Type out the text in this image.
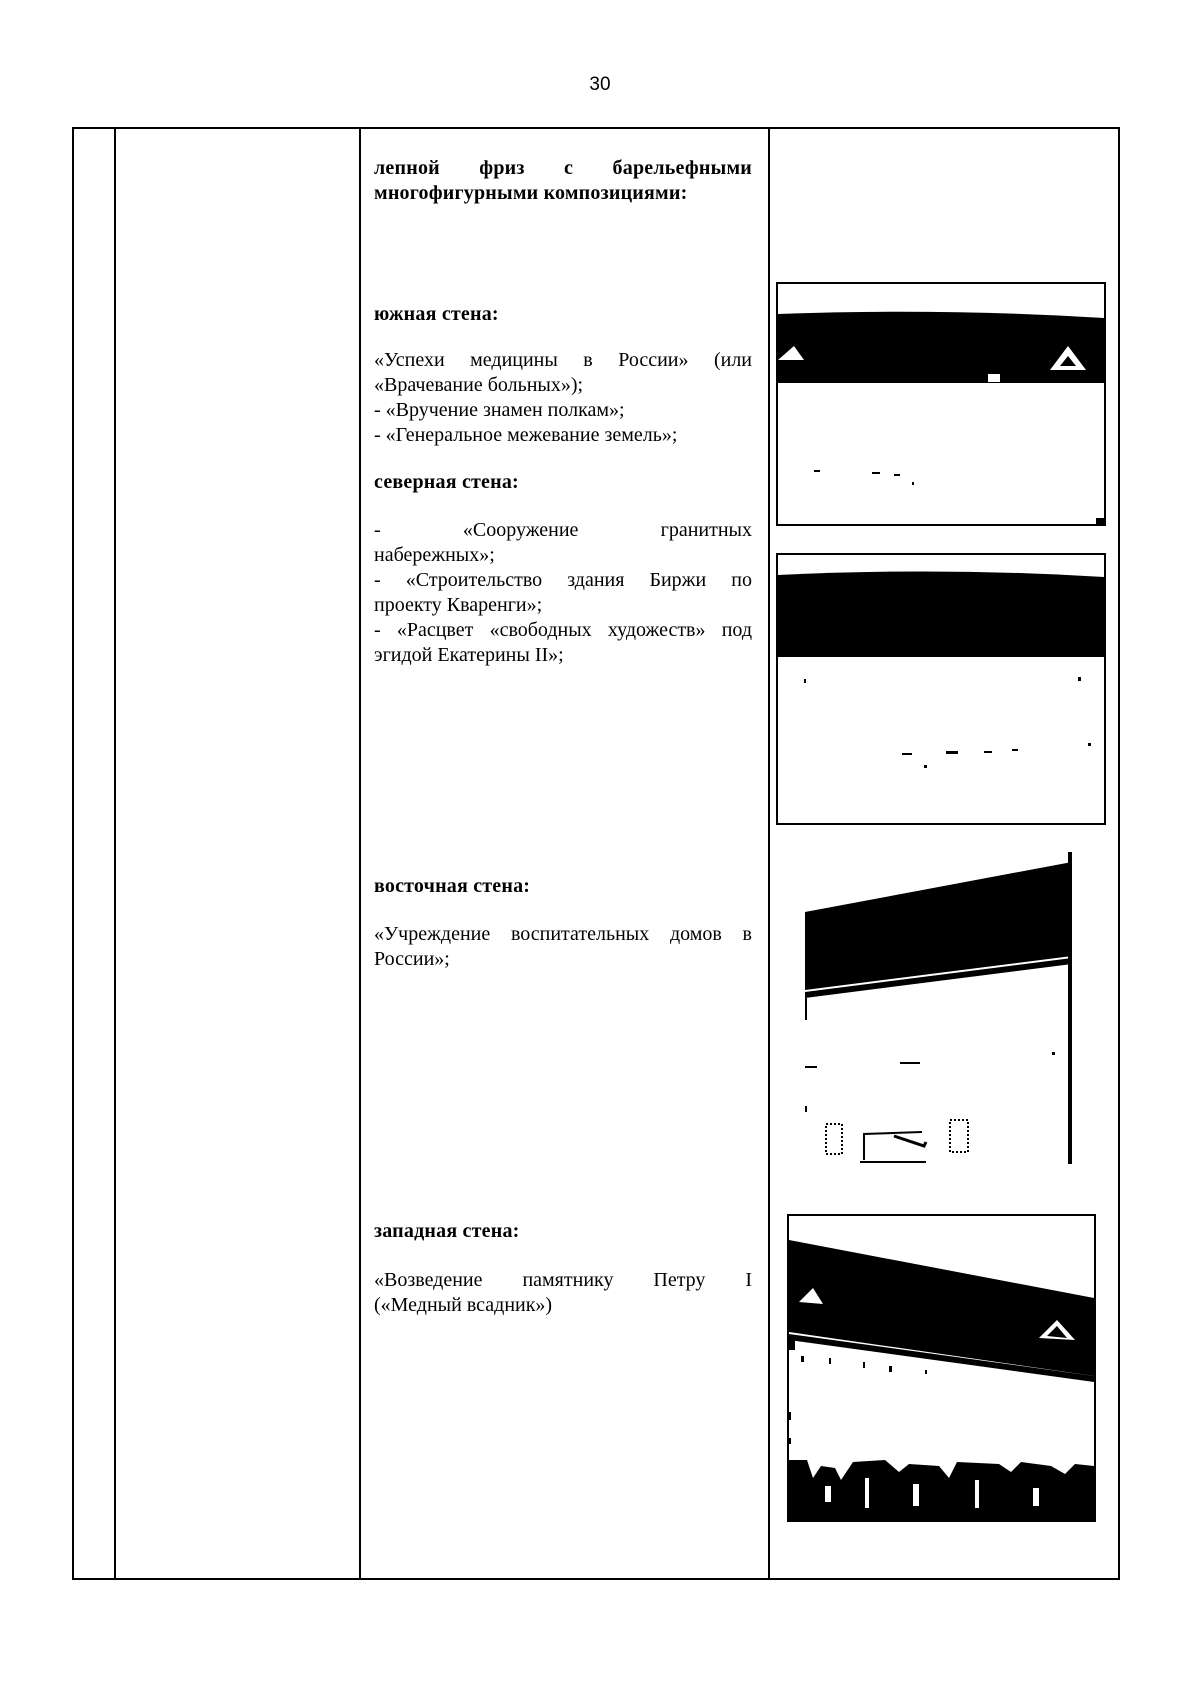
30
лепной фриз с барельефными
многофигурными композициями:
южная стена:
«Успехи медицины в России» (или
«Врачевание больных»);
- «Вручение знамен полкам»;
- «Генеральное межевание земель»;
северная стена:
- «Сооружение гранитных
набережных»;
- «Строительство здания Биржи по
проекту Кваренги»;
- «Расцвет «свободных художеств» под
эгидой Екатерины II»;
восточная стена:
«Учреждение воспитательных домов в
России»;
западная стена:
«Возведение памятнику Петру I
(«Медный всадник»)
